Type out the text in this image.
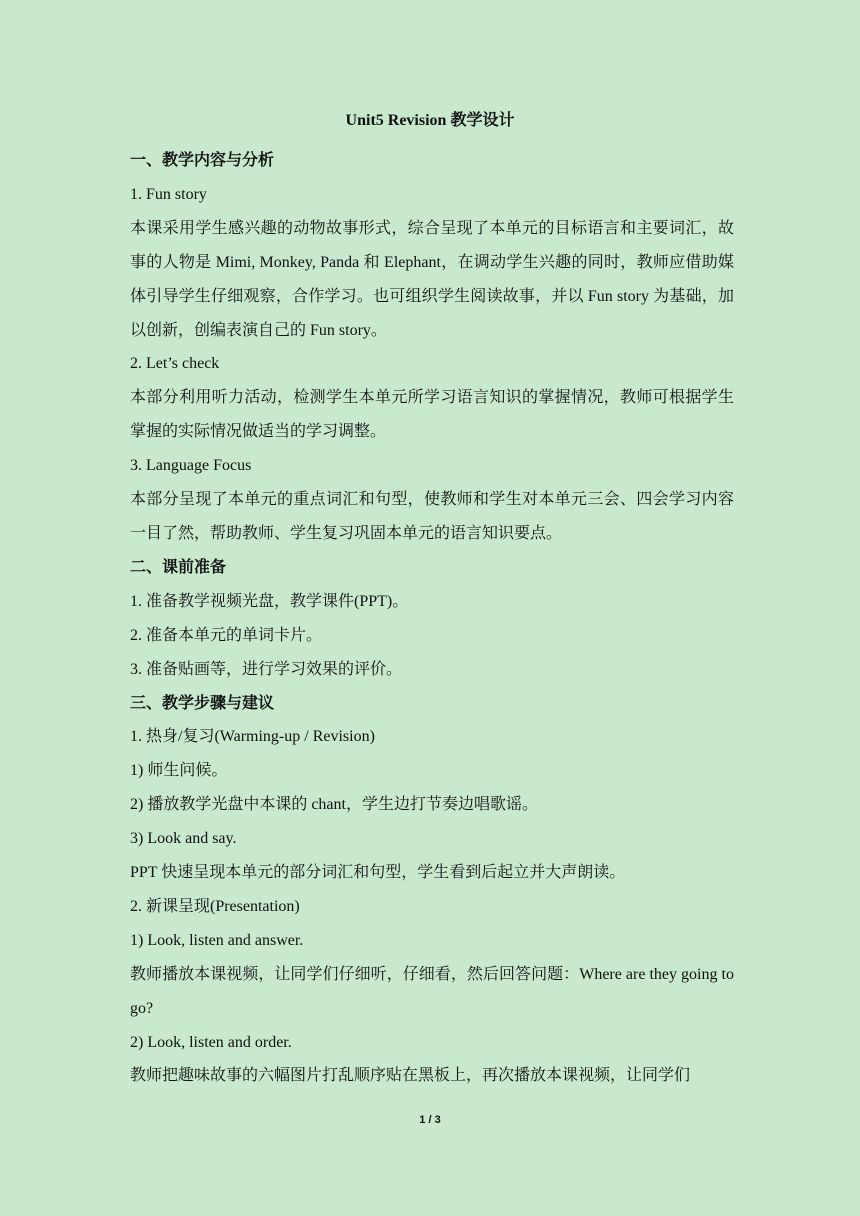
Unit5 Revision 教学设计

一、教学内容与分析

1. Fun story

本课采用学生感兴趣的动物故事形式，综合呈现了本单元的目标语言和主要词汇，故事的人物是 Mimi, Monkey, Panda 和 Elephant，在调动学生兴趣的同时，教师应借助媒体引导学生仔细观察，合作学习。也可组织学生阅读故事，并以 Fun story 为基础，加以创新，创编表演自己的 Fun story。

2. Let’s check

本部分利用听力活动，检测学生本单元所学习语言知识的掌握情况，教师可根据学生掌握的实际情况做适当的学习调整。

3. Language Focus

本部分呈现了本单元的重点词汇和句型，使教师和学生对本单元三会、四会学习内容一目了然，帮助教师、学生复习巩固本单元的语言知识要点。

二、课前准备

1. 准备教学视频光盘，教学课件(PPT)。

2. 准备本单元的单词卡片。

3. 准备贴画等，进行学习效果的评价。

三、教学步骤与建议

1. 热身/复习(Warming-up / Revision)

1) 师生问候。

2) 播放教学光盘中本课的 chant，学生边打节奏边唱歌谣。

3) Look and say.

PPT 快速呈现本单元的部分词汇和句型，学生看到后起立并大声朗读。

2. 新课呈现(Presentation)

1) Look, listen and answer.

教师播放本课视频，让同学们仔细听，仔细看，然后回答问题：Where are they going to go?

2) Look, listen and order.

教师把趣味故事的六幅图片打乱顺序贴在黑板上，再次播放本课视频，让同学们

1 / 3
